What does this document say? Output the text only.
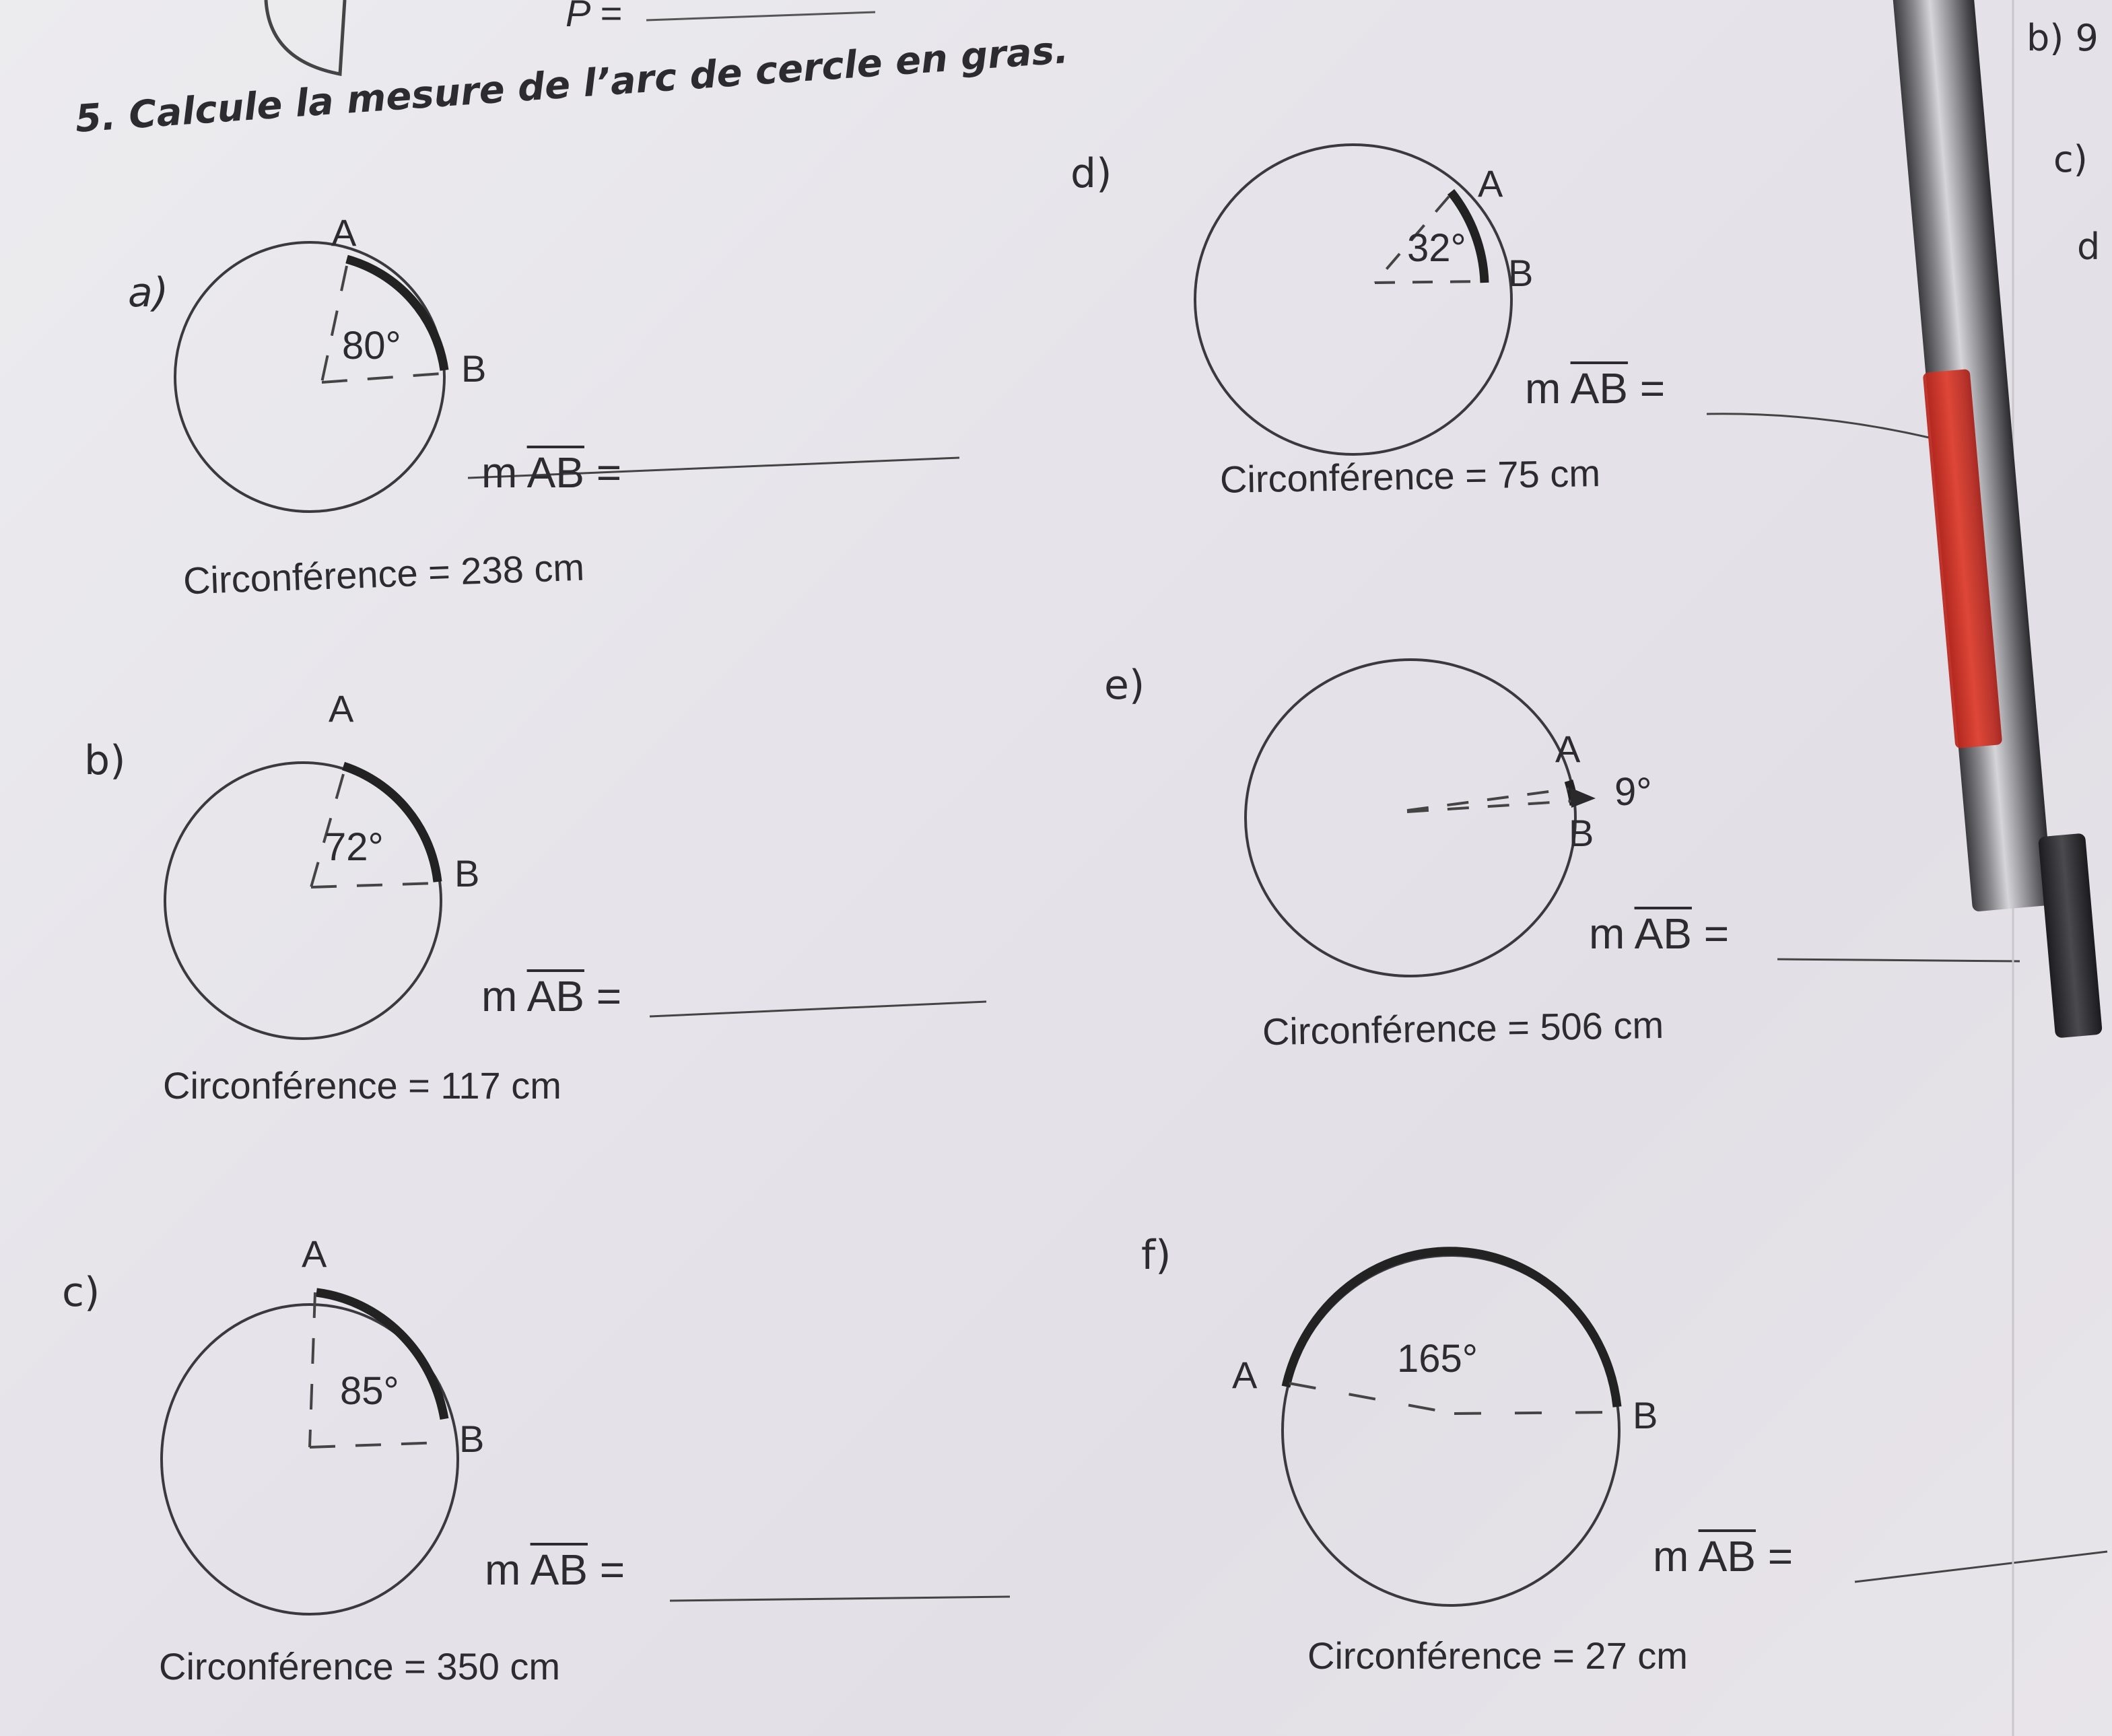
P =
5. Calcule la mesure de l’arc de cercle en gras.
a)
A
B
80°
m $\overline{AB}$ =
Circonférence = 238 cm
b)
A
B
72°
m $\overline{AB}$ =
Circonférence = 117 cm
c)
A
B
85°
m $\overline{AB}$ =
Circonférence = 350 cm
d)	A
B
32°
m $\overline{AB}$ =
Circonférence = 75 cm
e)
A
B
9°
m $\overline{AB}$ =
Circonférence = 506 cm
f)
A
B
165°
m $\overline{AB}$ =
Circonférence = 27 cm
b) 9
c)
d
